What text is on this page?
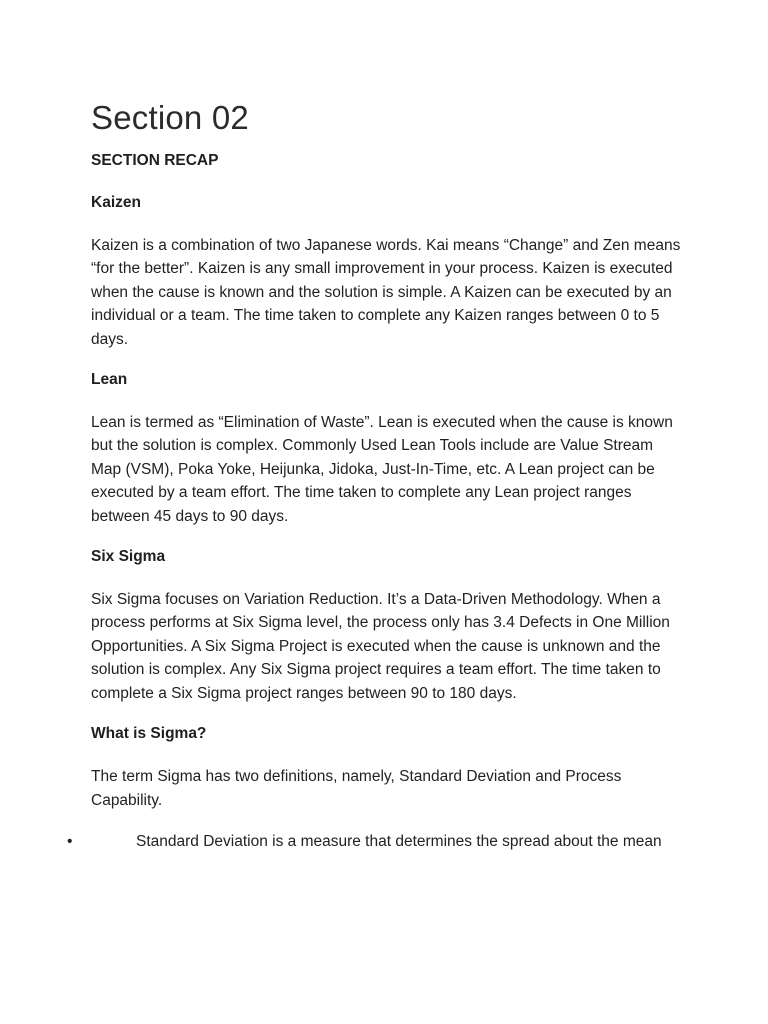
Section 02
SECTION RECAP
Kaizen

Kaizen is a combination of two Japanese words. Kai means “Change” and Zen means “for the better”. Kaizen is any small improvement in your process. Kaizen is executed when the cause is known and the solution is simple. A Kaizen can be executed by an individual or a team. The time taken to complete any Kaizen ranges between 0 to 5 days.

Lean

Lean is termed as “Elimination of Waste”. Lean is executed when the cause is known but the solution is complex. Commonly Used Lean Tools include are Value Stream Map (VSM), Poka Yoke, Heijunka, Jidoka, Just-In-Time, etc. A Lean project can be executed by a team effort. The time taken to complete any Lean project ranges between 45 days to 90 days.

Six Sigma

Six Sigma focuses on Variation Reduction. It’s a Data-Driven Methodology. When a process performs at Six Sigma level, the process only has 3.4 Defects in One Million Opportunities. A Six Sigma Project is executed when the cause is unknown and the solution is complex. Any Six Sigma project requires a team effort. The time taken to complete a Six Sigma project ranges between 90 to 180 days.

What is Sigma?

The term Sigma has two definitions, namely, Standard Deviation and Process Capability.

•	Standard Deviation is a measure that determines the spread about the mean
